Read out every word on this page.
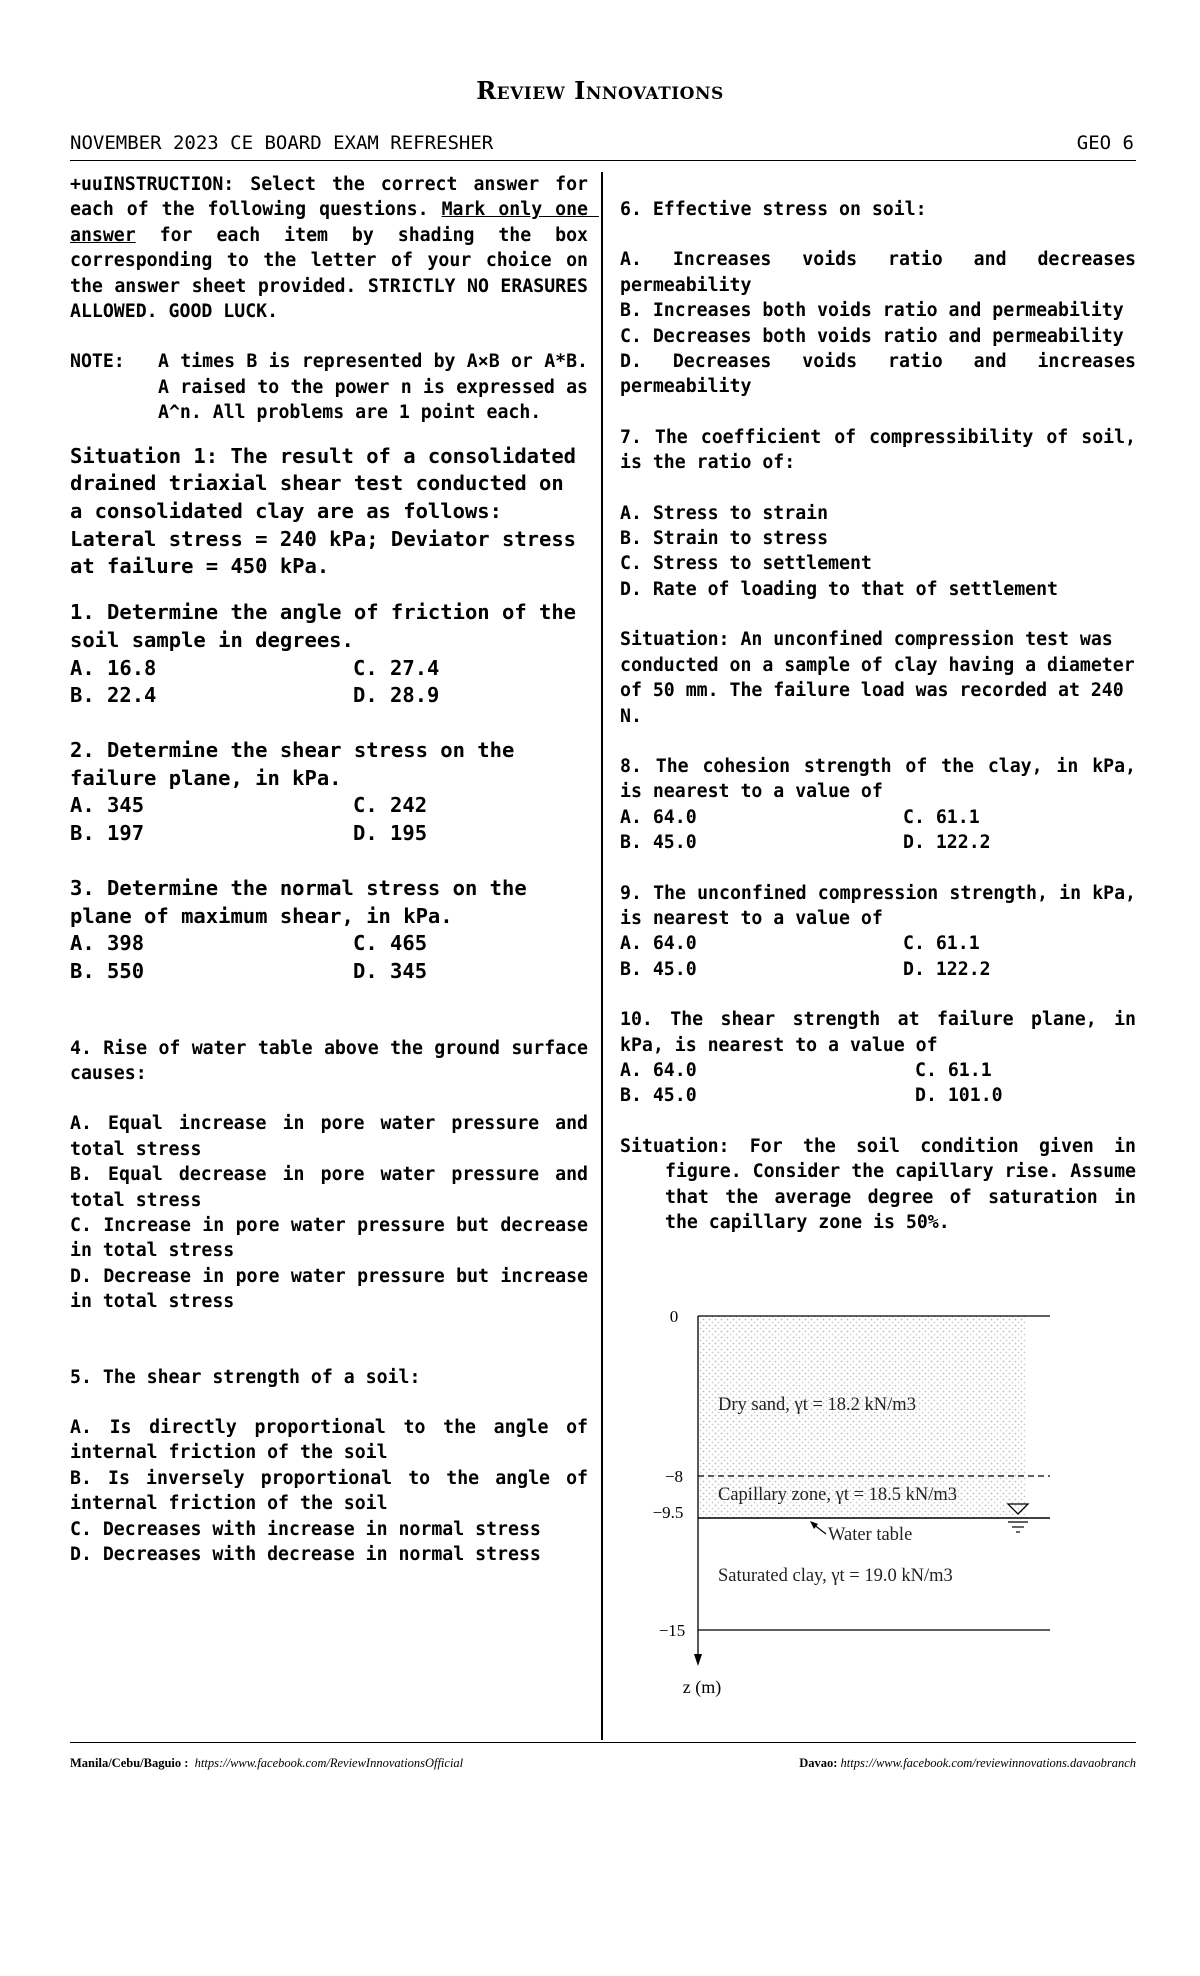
Review Innovations
NOVEMBER 2023 CE BOARD EXAM REFRESHER	GEO 6

+uuINSTRUCTION: Select the correct answer for each of the following questions. Mark only one answer for each item by shading the box corresponding to the letter of your choice on the answer sheet provided. STRICTLY NO ERASURES ALLOWED. GOOD LUCK.

NOTE:	A times B is represented by A×B or A*B. A raised to the power n is expressed as A^n. All problems are 1 point each.

Situation 1: The result of a consolidated drained triaxial shear test conducted on a consolidated clay are as follows: Lateral stress = 240 kPa; Deviator stress at failure = 450 kPa.

1. Determine the angle of friction of the soil sample in degrees.

A. 16.8	C. 27.4
B. 22.4	D. 28.9

2. Determine the shear stress on the failure plane, in kPa.

A. 345	C. 242
B. 197	D. 195

3. Determine the normal stress on the plane of maximum shear, in kPa.

A. 398	C. 465
B. 550	D. 345

4. Rise of water table above the ground surface causes:

A. Equal increase in pore water pressure and total stress

B. Equal decrease in pore water pressure and total stress

C. Increase in pore water pressure but decrease in total stress

D. Decrease in pore water pressure but increase in total stress

5. The shear strength of a soil:

A. Is directly proportional to the angle of internal friction of the soil

B. Is inversely proportional to the angle of internal friction of the soil

C. Decreases with increase in normal stress

D. Decreases with decrease in normal stress

6. Effective stress on soil:

A. Increases voids ratio and decreases permeability

B. Increases both voids ratio and permeability

C. Decreases both voids ratio and permeability

D. Decreases voids ratio and increases permeability

7. The coefficient of compressibility of soil, is the ratio of:

A. Stress to strain

B. Strain to stress

C. Stress to settlement

D. Rate of loading to that of settlement

Situation: An unconfined compression test was conducted on a sample of clay having a diameter of 50 mm. The failure load was recorded at 240 N.

8. The cohesion strength of the clay, in kPa, is nearest to a value of

A. 64.0	C. 61.1
B. 45.0	D. 122.2

9. The unconfined compression strength, in kPa, is nearest to a value of

A. 64.0	C. 61.1
B. 45.0	D. 122.2

10. The shear strength at failure plane, in kPa, is nearest to a value of

A. 64.0	C. 61.1
B. 45.0	D. 101.0

Situation: For the soil condition given in figure. Consider the capillary rise. Assume that the average degree of saturation in the capillary zone is 50%.

0
−8
−9.5
−15
z (m)
Dry sand, γt = 18.2 kN/m3
Capillary zone, γt = 18.5 kN/m3
Water table
Saturated clay, γt = 19.0 kN/m3
Manila/Cebu/Baguio : https://www.facebook.com/ReviewInnovationsOfficial	Davao: https://www.facebook.com/reviewinnovations.davaobranch
